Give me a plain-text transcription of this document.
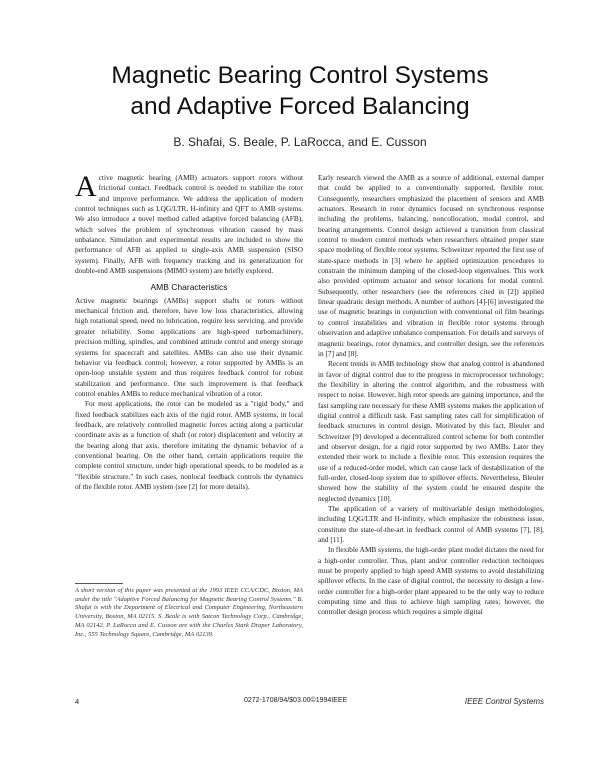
Magnetic Bearing Control Systems
and Adaptive Forced Balancing
B. Shafai, S. Beale, P. LaRocca, and E. Cusson

Active magnetic bearing (AMB) actuators support rotors without frictional contact. Feedback control is needed to stabilize the rotor and improve performance. We address the application of modern control techniques such as LQG/LTR, H-infinity and QFT to AMB systems. We also introduce a novel method called adaptive forced balancing (AFB), which solves the problem of synchronous vibration caused by mass unbalance. Simulation and experimental results are included to show the performance of AFB as applied to single-axis AMB suspension (SISO system). Finally, AFB with frequency tracking and its generalization for double-end AMB suspensions (MIMO system) are briefly explored.

AMB Characteristics

Active magnetic bearings (AMBs) support shafts or rotors without mechanical friction and, therefore, have low loss characteristics, allowing high rotational speed, need no lubrication, require less servicing, and provide greater reliability. Some applications are high-speed turbomachinery, precision milling, spindles, and combined attitude control and energy storage systems for spacecraft and satellites. AMBs can also use their dynamic behavior via feedback control; however, a rotor supported by AMBs is an open-loop unstable system and thus requires feedback control for robust stabilization and performance. One such improvement is that feedback control enables AMBs to reduce mechanical vibration of a rotor.

For most applications, the rotor can be modeled as a "rigid body," and fixed feedback stabilizes each axis of the rigid rotor. AMB systems, in local feedback, are relatively controlled magnetic forces acting along a particular coordinate axis as a function of shaft (or rotor) displacement and velocity at the bearing along that axis, therefore imitating the dynamic behavior of a conventional bearing. On the other hand, certain applications require the complete control structure, under high operational speeds, to be modeled as a "flexible structure." In such cases, nonlocal feedback controls the dynamics of the flexible rotor. AMB system (see [2] for more details).

A short version of this paper was presented at the 1993 IEEE CCA/CDC, Boston, MA under the title "Adaptive Forced Balancing for Magnetic Bearing Control Systems." B. Shafai is with the Department of Electrical and Computer Engineering, Northeastern University, Boston, MA 02115. S. Beale is with Satcon Technology Corp., Cambridge, MA 02142. P. LaRocca and E. Cusson are with the Charles Stark Draper Laboratory, Inc., 555 Technology Square, Cambridge, MA 02139.

Early research viewed the AMB as a source of additional, external damper that could be applied to a conventionally supported, flexible rotor. Consequently, researchers emphasized the placement of sensors and AMB actuators. Research in rotor dynamics focused on synchronous response including the problems, balancing, noncollocation, modal control, and bearing arrangements. Control design achieved a transition from classical control to modern control methods when researchers obtained proper state space modeling of flexible rotor systems. Schweitzer reported the first use of state-space methods in [3] where he applied optimization procedures to constrain the minimum damping of the closed-loop eigenvalues. This work also provided optimum actuator and sensor locations for modal control. Subsequently, other researchers (see the references cited in [2]) applied linear quadratic design methods. A number of authors [4]-[6] investigated the use of magnetic bearings in conjunction with conventional oil film bearings to control instabilities and vibration in flexible rotor systems through observation and adaptive unbalance compensation. For details and surveys of magnetic bearings, rotor dynamics, and controller design, see the references in [7] and [8].

Recent trends in AMB technology show that analog control is abandoned in favor of digital control due to the progress in microprocessor technology; the flexibility in altering the control algorithm, and the robustness with respect to noise. However, high rotor speeds are gaining importance, and the fast sampling rate necessary for these AMB systems makes the application of digital control a difficult task. Fast sampling rates call for simplification of feedback structures in control design. Motivated by this fact, Bleuler and Schweitzer [9] developed a decentralized control scheme for both controller and observer design, for a rigid rotor supported by two AMBs. Later they extended their work to include a flexible rotor. This extension requires the use of a reduced-order model, which can cause lack of destabilization of the full-order, closed-loop system due to spillover effects. Nevertheless, Bleuler showed how the stability of the system could be ensured despite the neglected dynamics [10].

The application of a variety of multivariable design methodologies, including LQG/LTR and H-infinity, which emphasize the robustness issue, constitute the state-of-the-art in feedback control of AMB systems [7], [8], and [11].

In flexible AMB systems, the high-order plant model dictates the need for a high-order controller. Thus, plant and/or controller reduction techniques must be properly applied to high speed AMB systems to avoid destabilizing spillover effects. In the case of digital control, the necessity to design a low-order controller for a high-order plant appeared to be the only way to reduce computing time and thus to achieve high sampling rates; however, the controller design process which requires a simple digital

4	0272-1708/94/$03.00©1994IEEE	IEEE Control Systems
